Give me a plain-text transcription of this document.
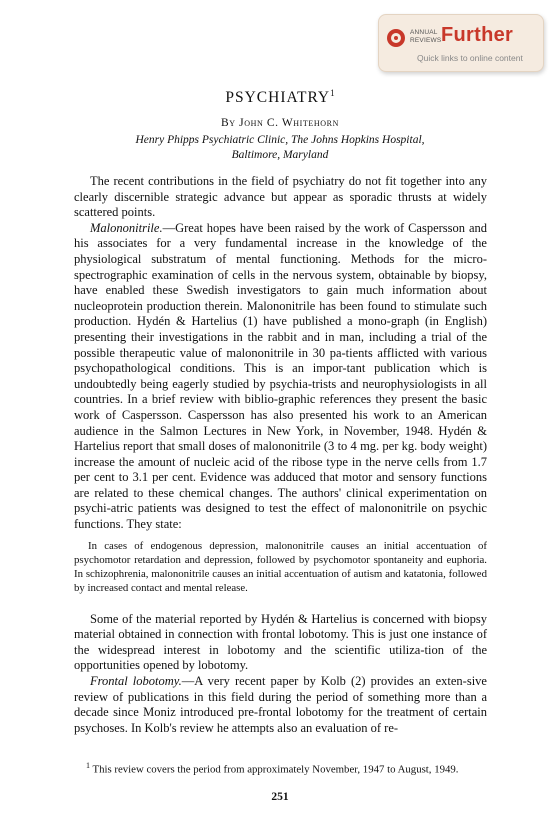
ANNUAL
REVIEWS Further
Quick links to online content
PSYCHIATRY$^1$
By John C. Whitehorn
Henry Phipps Psychiatric Clinic, The Johns Hopkins Hospital,
Baltimore, Maryland

The recent contributions in the field of psychiatry do not fit together into any clearly discernible strategic advance but appear as sporadic thrusts at widely scattered points.

Malononitrile.—Great hopes have been raised by the work of Caspersson and his associates for a very fundamental increase in the knowledge of the physiological substratum of mental functioning. Methods for the micro-spectrographic examination of cells in the nervous system, obtainable by biopsy, have enabled these Swedish investigators to gain much information about nucleoprotein production therein. Malononitrile has been found to stimulate such production. Hydén & Hartelius (1) have published a mono-graph (in English) presenting their investigations in the rabbit and in man, including a trial of the possible therapeutic value of malononitrile in 30 pa-tients afflicted with various psychopathological conditions. This is an impor-tant publication which is undoubtedly being eagerly studied by psychia-trists and neurophysiologists in all countries. In a brief review with biblio-graphic references they present the basic work of Caspersson. Caspersson has also presented his work to an American audience in the Salmon Lectures in New York, in November, 1948. Hydén & Hartelius report that small doses of malononitrile (3 to 4 mg. per kg. body weight) increase the amount of nucleic acid of the ribose type in the nerve cells from 1.7 per cent to 3.1 per cent. Evidence was adduced that motor and sensory functions are related to these chemical changes. The authors' clinical experimentation on psychi-atric patients was designed to test the effect of malononitrile on psychic functions. They state:

In cases of endogenous depression, malononitrile causes an initial accentuation of psychomotor retardation and depression, followed by psychomotor spontaneity and euphoria. In schizophrenia, malononitrile causes an initial accentuation of autism and katatonia, followed by increased contact and mental release.

Some of the material reported by Hydén & Hartelius is concerned with biopsy material obtained in connection with frontal lobotomy. This is just one instance of the widespread interest in lobotomy and the scientific utiliza-tion of the opportunities opened by lobotomy.

Frontal lobotomy.—A very recent paper by Kolb (2) provides an exten-sive review of publications in this field during the period of something more than a decade since Moniz introduced pre-frontal lobotomy for the treatment of certain psychoses. In Kolb's review he attempts also an evaluation of re-

$^1$ This review covers the period from approximately November, 1947 to August, 1949.
251
